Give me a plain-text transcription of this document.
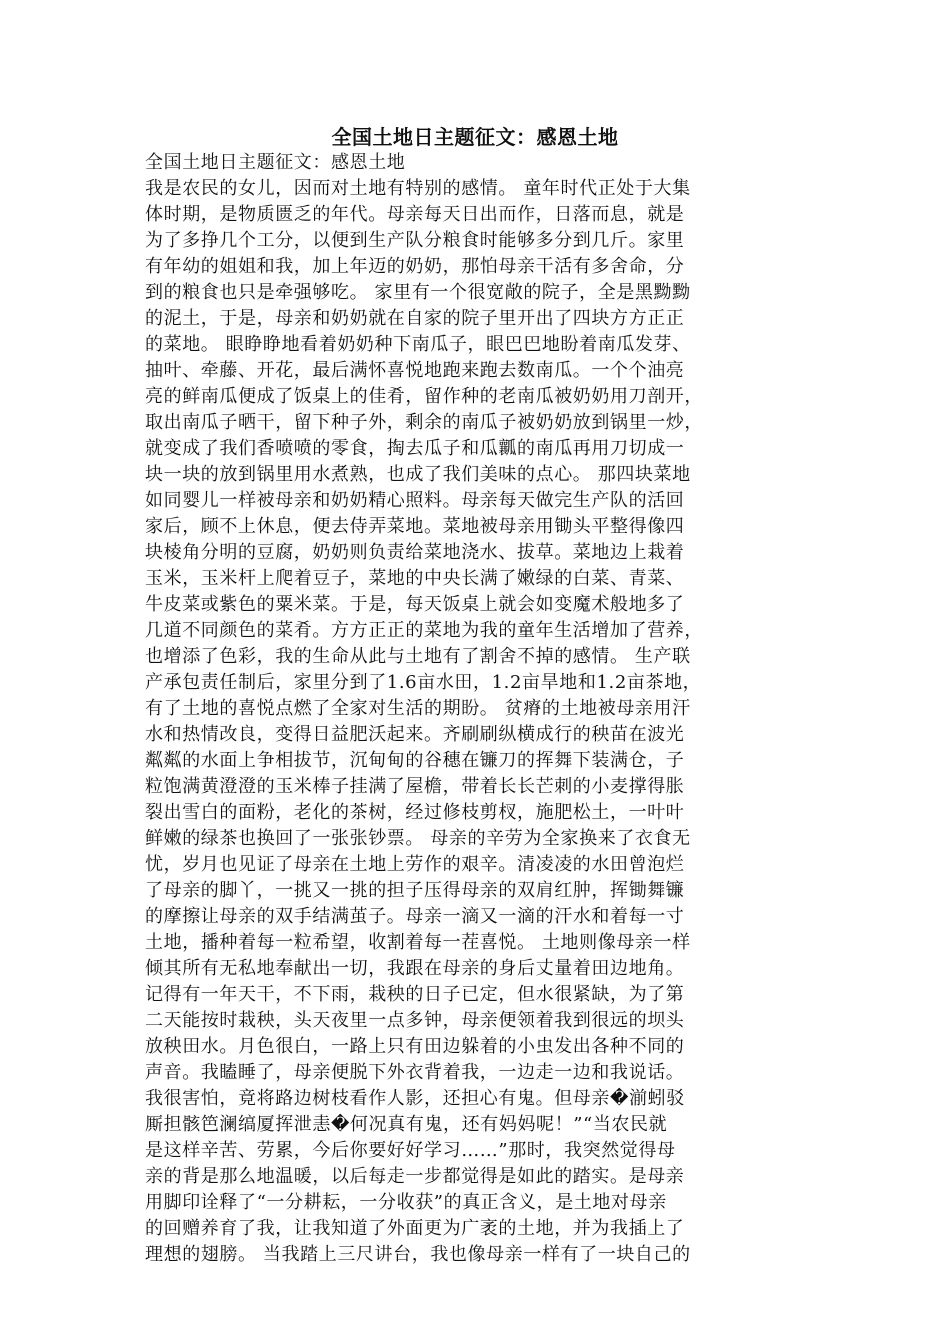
全国土地日主题征文：感恩土地
全国土地日主题征文：感恩土地
我是农民的女儿，因而对土地有特别的感情。 童年时代正处于大集
体时期，是物质匮乏的年代。母亲每天日出而作，日落而息，就是
为了多挣几个工分，以便到生产队分粮食时能够多分到几斤。家里
有年幼的姐姐和我，加上年迈的奶奶，那怕母亲干活有多舍命，分
到的粮食也只是牵强够吃。 家里有一个很宽敞的院子，全是黑黝黝
的泥土，于是，母亲和奶奶就在自家的院子里开出了四块方方正正
的菜地。 眼睁睁地看着奶奶种下南瓜子，眼巴巴地盼着南瓜发芽、
抽叶、牵藤、开花，最后满怀喜悦地跑来跑去数南瓜。一个个油亮
亮的鲜南瓜便成了饭桌上的佳肴，留作种的老南瓜被奶奶用刀剖开，
取出南瓜子晒干，留下种子外，剩余的南瓜子被奶奶放到锅里一炒，
就变成了我们香喷喷的零食，掏去瓜子和瓜瓤的南瓜再用刀切成一
块一块的放到锅里用水煮熟，也成了我们美味的点心。 那四块菜地
如同婴儿一样被母亲和奶奶精心照料。母亲每天做完生产队的活回
家后，顾不上休息，便去侍弄菜地。菜地被母亲用锄头平整得像四
块棱角分明的豆腐，奶奶则负责给菜地浇水、拔草。菜地边上栽着
玉米，玉米杆上爬着豆子，菜地的中央长满了嫩绿的白菜、青菜、
牛皮菜或紫色的粟米菜。于是，每天饭桌上就会如变魔术般地多了
几道不同颜色的菜肴。方方正正的菜地为我的童年生活增加了营养，
也增添了色彩，我的生命从此与土地有了割舍不掉的感情。 生产联
产承包责任制后，家里分到了1.6亩水田，1.2亩旱地和1.2亩茶地，
有了土地的喜悦点燃了全家对生活的期盼。 贫瘠的土地被母亲用汗
水和热情改良，变得日益肥沃起来。齐刷刷纵横成行的秧苗在波光
粼粼的水面上争相拔节，沉甸甸的谷穗在镰刀的挥舞下装满仓，子
粒饱满黄澄澄的玉米棒子挂满了屋檐，带着长长芒刺的小麦撑得胀
裂出雪白的面粉，老化的茶树，经过修枝剪杈，施肥松土，一叶叶
鲜嫩的绿茶也换回了一张张钞票。 母亲的辛劳为全家换来了衣食无
忧，岁月也见证了母亲在土地上劳作的艰辛。清凌凌的水田曾泡烂
了母亲的脚丫，一挑又一挑的担子压得母亲的双肩红肿，挥锄舞镰
的摩擦让母亲的双手结满茧子。母亲一滴又一滴的汗水和着每一寸
土地，播种着每一粒希望，收割着每一茬喜悦。 土地则像母亲一样
倾其所有无私地奉献出一切，我跟在母亲的身后丈量着田边地角。
记得有一年天干，不下雨，栽秧的日子已定，但水很紧缺，为了第
二天能按时栽秧，头天夜里一点多钟，母亲便领着我到很远的坝头
放秧田水。月色很白，一路上只有田边躲着的小虫发出各种不同的
声音。我瞌睡了，母亲便脱下外衣背着我，一边走一边和我说话。
我很害怕，竟将路边树枝看作人影，还担心有鬼。但母亲�湔蚓驳
厮担骸笆澜缟厦挥泄恚�何况真有鬼，还有妈妈呢！”“当农民就
是这样辛苦、劳累，今后你要好好学习……”那时，我突然觉得母
亲的背是那么地温暖，以后每走一步都觉得是如此的踏实。是母亲
用脚印诠释了“一分耕耘，一分收获”的真正含义，是土地对母亲
的回赠养育了我，让我知道了外面更为广袤的土地，并为我插上了
理想的翅膀。 当我踏上三尺讲台，我也像母亲一样有了一块自己的
